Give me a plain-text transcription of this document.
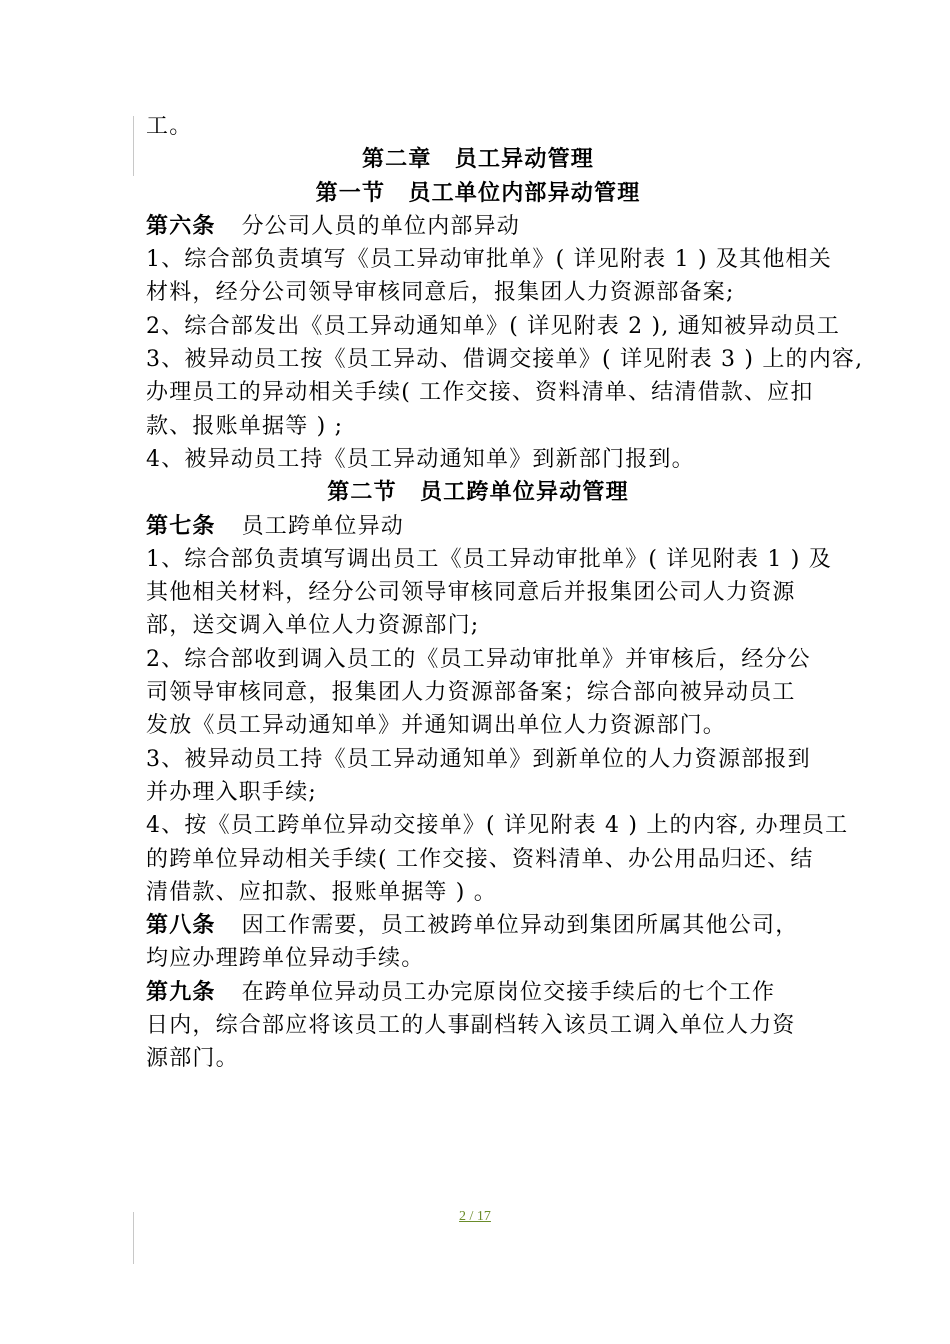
工。
第二章　员工异动管理
第一节　员工单位内部异动管理
第六条 分公司人员的单位内部异动
1、综合部负责填写《员工异动审批单》( 详见附表 1 ) 及其他相关
材料，经分公司领导审核同意后，报集团人力资源部备案;
2、综合部发出《员工异动通知单》( 详见附表 2 ), 通知被异动员工
3、被异动员工按《员工异动、借调交接单》( 详见附表 3 ) 上的内容,
办理员工的异动相关手续( 工作交接、资料清单、结清借款、应扣
款、报账单据等 ) ;
4、被异动员工持《员工异动通知单》到新部门报到。
第二节　员工跨单位异动管理
第七条 员工跨单位异动
1、综合部负责填写调出员工《员工异动审批单》( 详见附表 1 ) 及
其他相关材料，经分公司领导审核同意后并报集团公司人力资源
部，送交调入单位人力资源部门;
2、综合部收到调入员工的《员工异动审批单》并审核后，经分公
司领导审核同意，报集团人力资源部备案；综合部向被异动员工
发放《员工异动通知单》并通知调出单位人力资源部门。
3、被异动员工持《员工异动通知单》到新单位的人力资源部报到
并办理入职手续;
4、按《员工跨单位异动交接单》( 详见附表 4 ) 上的内容, 办理员工
的跨单位异动相关手续( 工作交接、资料清单、办公用品归还、结
清借款、应扣款、报账单据等 ) 。
第八条 因工作需要，员工被跨单位异动到集团所属其他公司，
均应办理跨单位异动手续。
第九条 在跨单位异动员工办完原岗位交接手续后的七个工作
日内，综合部应将该员工的人事副档转入该员工调入单位人力资
源部门。
2 / 17
